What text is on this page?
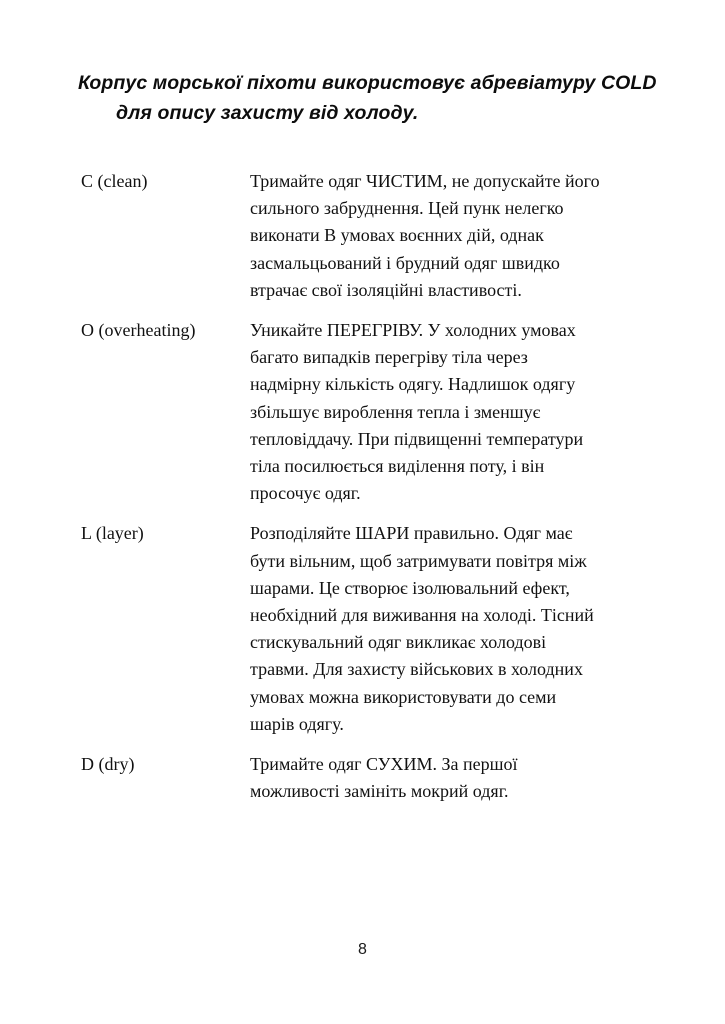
Корпус морської піхоти використовує абревіатуру COLD
для опису захисту від холоду.
C (clean)	Тримайте одяг ЧИСТИМ, не допускайте його
сильного забруднення. Цей пунк нелегко
виконати В умовах воєнних дій, однак
засмальцьований і брудний одяг швидко
втрачає свої ізоляційні властивості.
O (overheating)	Уникайте ПЕРЕГРІВУ. У холодних умовах
багато випадків перегріву тіла через
надмірну кількість одягу. Надлишок одягу
збільшує вироблення тепла і зменшує
тепловіддачу. При підвищенні температури
тіла посилюється виділення поту, і він
просочує одяг.
L (layer)	Розподіляйте ШАРИ правильно. Одяг має
бути вільним, щоб затримувати повітря між
шарами. Це створює ізолювальний ефект,
необхідний для виживання на холоді. Тісний
стискувальний одяг викликає холодові
травми. Для захисту військових в холодних
умовах можна використовувати до семи
шарів одягу.
D (dry)	Тримайте одяг СУХИМ. За першої
можливості замініть мокрий одяг.
8
